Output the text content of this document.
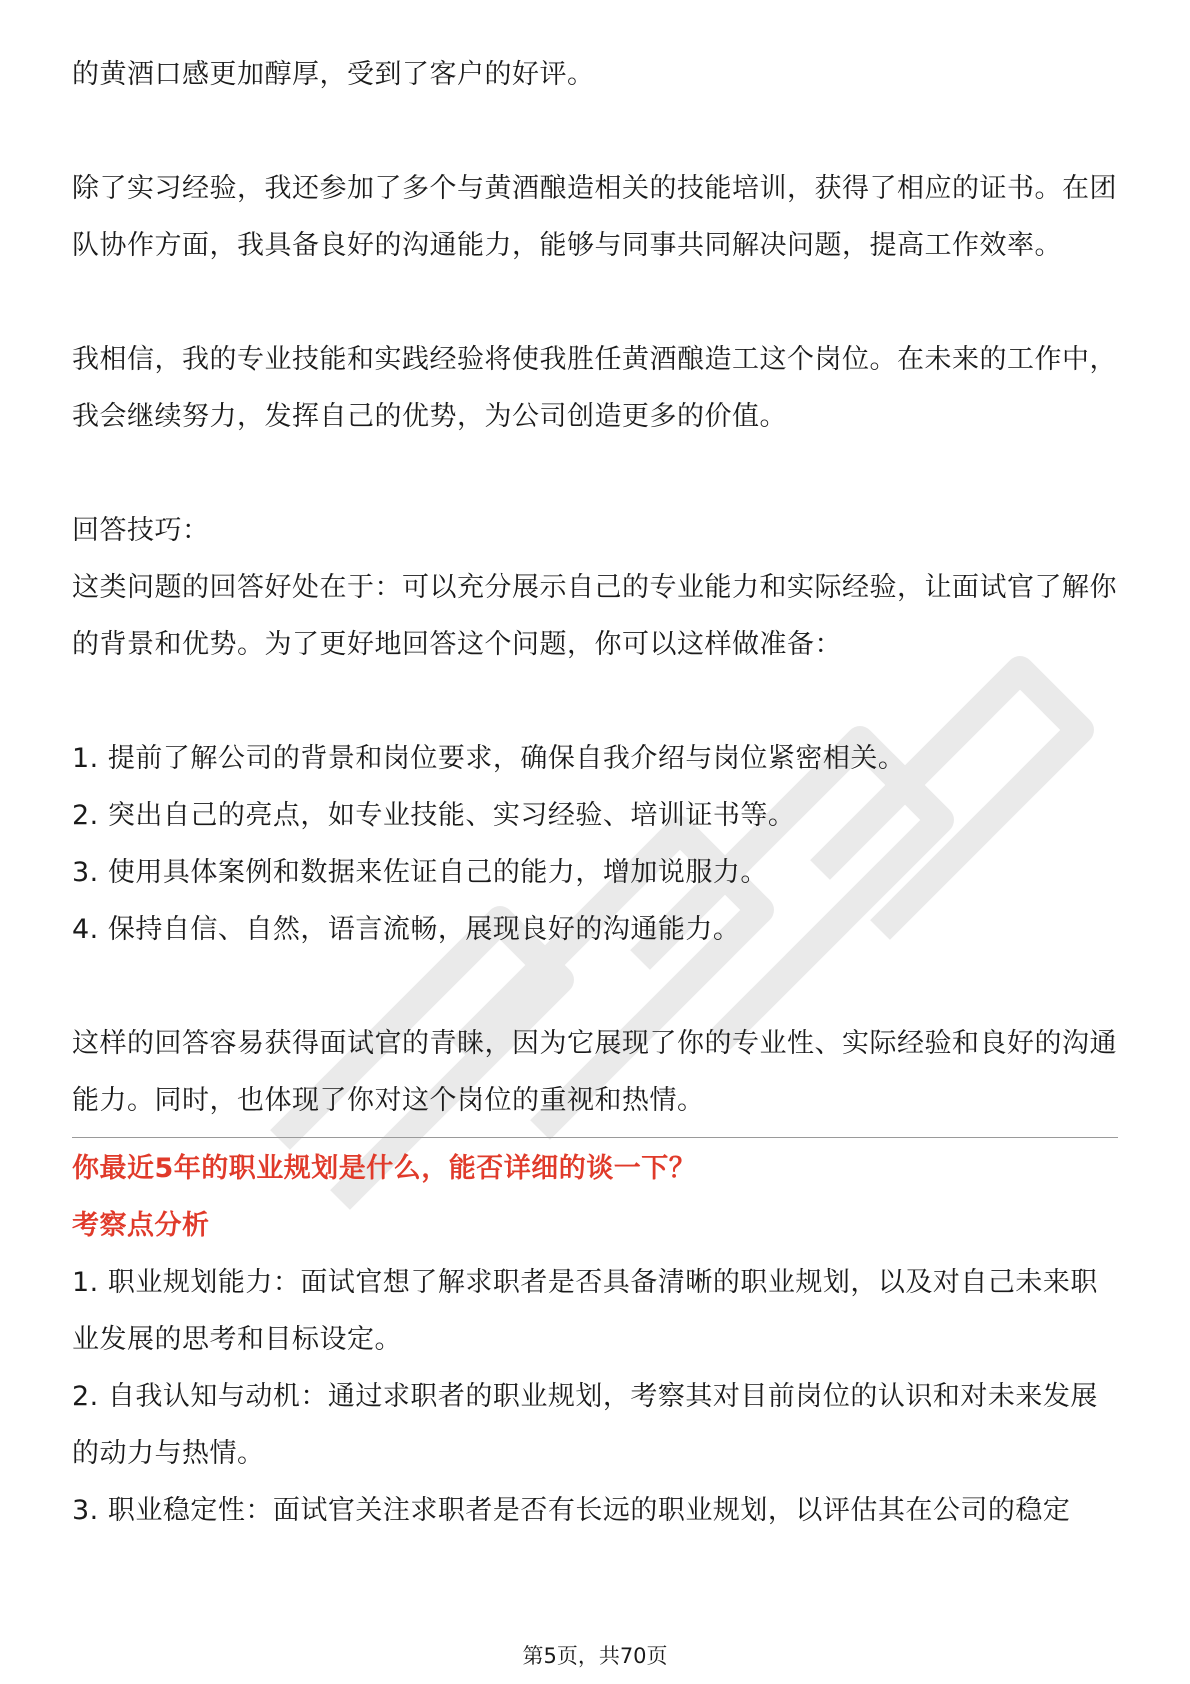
的黄酒口感更加醇厚，受到了客户的好评。

除了实习经验，我还参加了多个与黄酒酿造相关的技能培训，获得了相应的证书。在团队协作方面，我具备良好的沟通能力，能够与同事共同解决问题，提高工作效率。

我相信，我的专业技能和实践经验将使我胜任黄酒酿造工这个岗位。在未来的工作中，我会继续努力，发挥自己的优势，为公司创造更多的价值。

回答技巧：

这类问题的回答好处在于：可以充分展示自己的专业能力和实际经验，让面试官了解你的背景和优势。为了更好地回答这个问题，你可以这样做准备：

1. 提前了解公司的背景和岗位要求，确保自我介绍与岗位紧密相关。

2. 突出自己的亮点，如专业技能、实习经验、培训证书等。

3. 使用具体案例和数据来佐证自己的能力，增加说服力。

4. 保持自信、自然，语言流畅，展现良好的沟通能力。

这样的回答容易获得面试官的青睐，因为它展现了你的专业性、实际经验和良好的沟通能力。同时，也体现了你对这个岗位的重视和热情。

你最近5年的职业规划是什么，能否详细的谈一下？

考察点分析

1. 职业规划能力：面试官想了解求职者是否具备清晰的职业规划，以及对自己未来职业发展的思考和目标设定。

2. 自我认知与动机：通过求职者的职业规划，考察其对目前岗位的认识和对未来发展的动力与热情。

3. 职业稳定性：面试官关注求职者是否有长远的职业规划，以评估其在公司的稳定

第5页，共70页
